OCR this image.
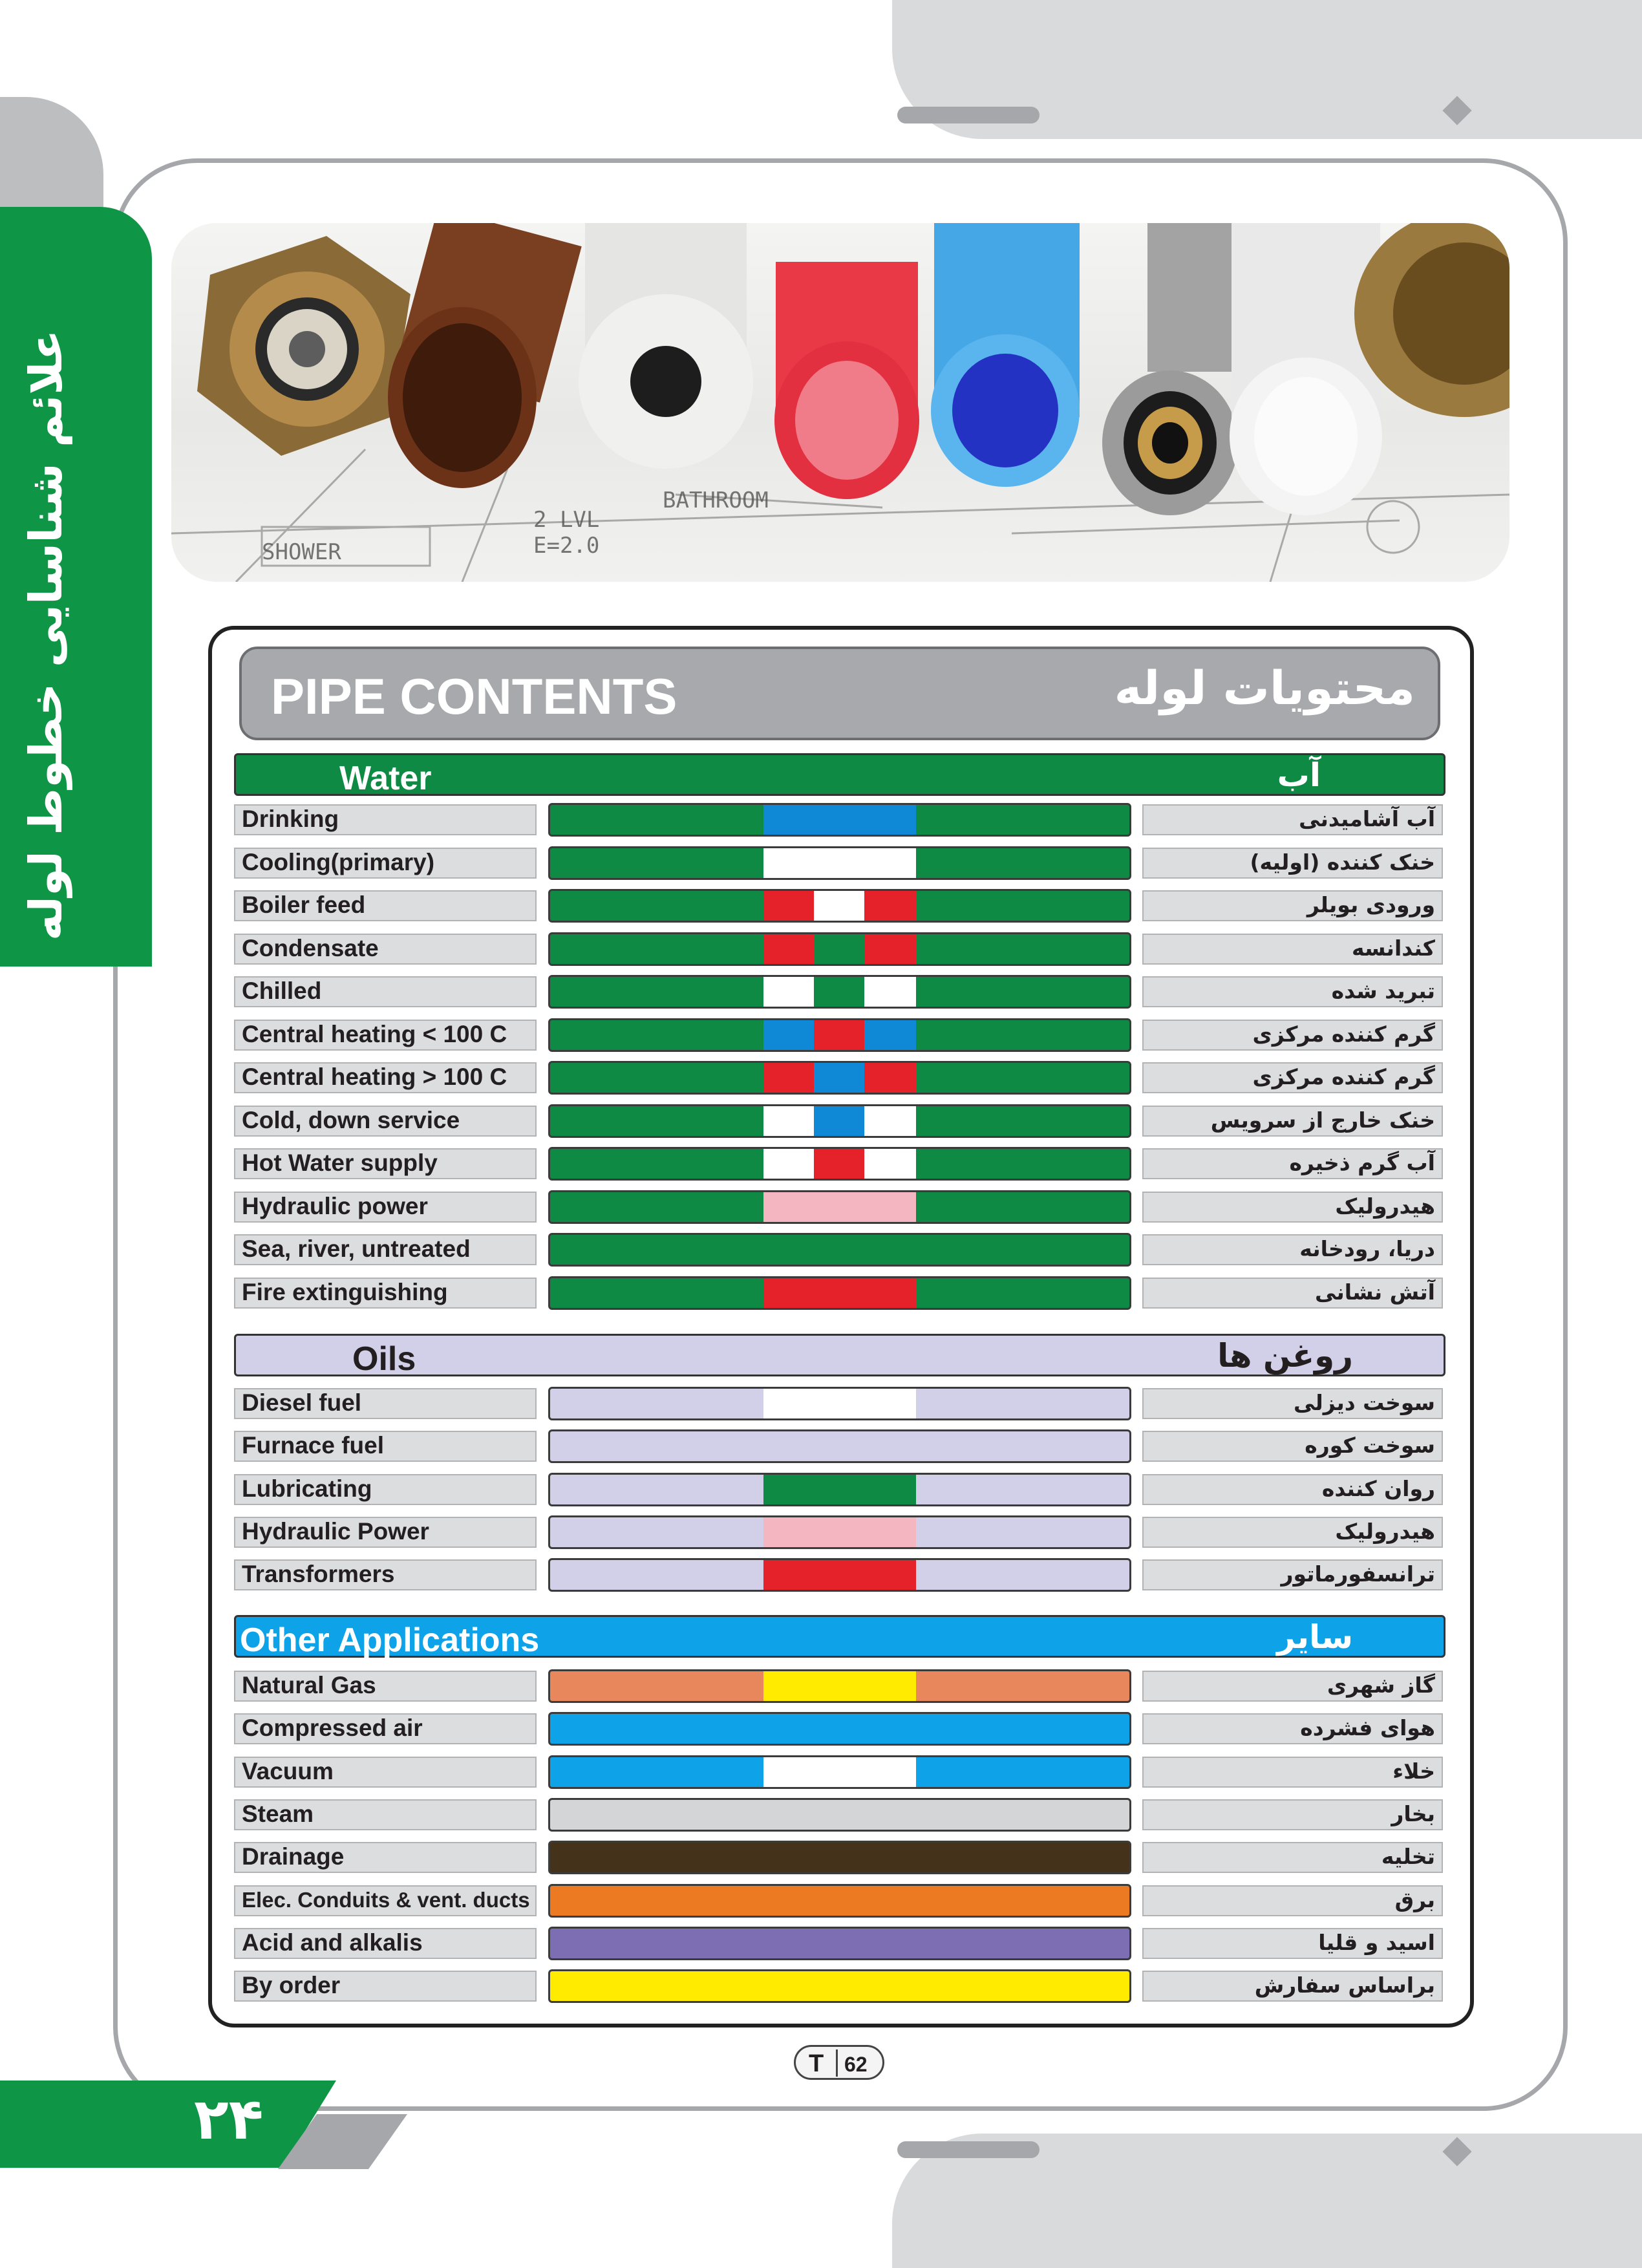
SHOWER
BATHROOM
2 LVL
E=2.0
PIPE CONTENTS	محتويات لوله
Water	آب
Drinking	آب آشاميدنی
Cooling(primary)	خنک کننده (اوليه)
Boiler feed	ورودی بويلر
Condensate	کندانسه
Chilled	تبريد شده
Central heating < 100 C	گرم کننده مرکزی
Central heating > 100 C	گرم کننده مرکزی
Cold, down service	خنک خارج از سرويس
Hot Water supply	آب گرم ذخيره
Hydraulic power	هيدروليک
Sea, river, untreated	دريا، رودخانه
Fire extinguishing	آتش نشانی
Oils	روغن ها
Diesel fuel	سوخت ديزلی
Furnace fuel	سوخت کوره
Lubricating	روان کننده
Hydraulic Power	هيدروليک
Transformers	ترانسفورماتور
Other Applications	ساير
Natural Gas	گاز شهری
Compressed air	هوای فشرده
Vacuum	خلاء
Steam	بخار
Drainage	تخليه
Elec. Conduits & vent. ducts	برق
Acid and alkalis	اسيد و قليا
By order	براساس سفارش
علائم شناسایی خطوط لوله
T 62
۲۴
